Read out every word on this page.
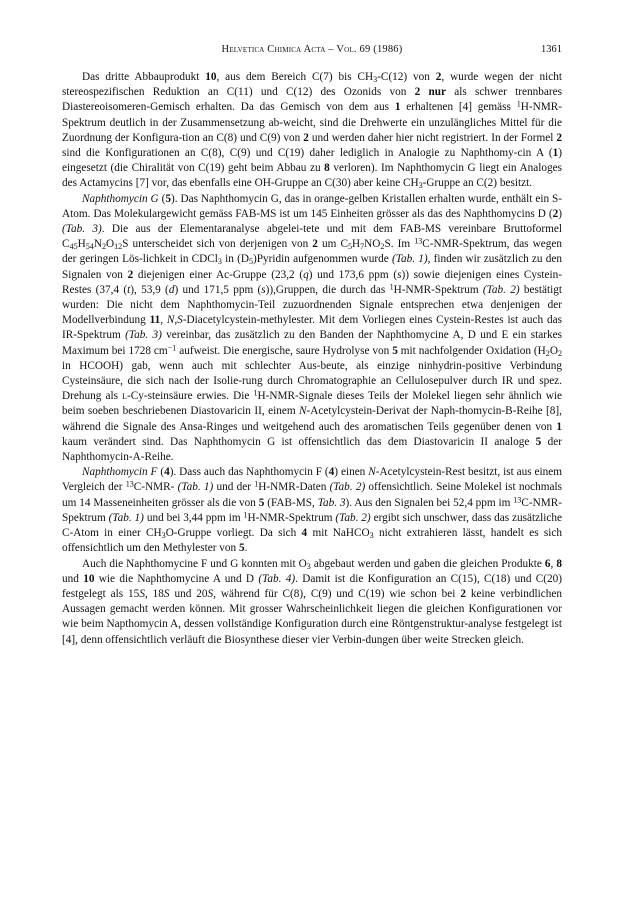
Helvetica Chimica Acta – Vol. 69 (1986)	1361

Das dritte Abbauprodukt 10, aus dem Bereich C(7) bis $CH_3-C(12)$ von 2, wurde wegen der nicht stereospezifischen Reduktion an C(11) und C(12) des Ozonids von 2 nur als schwer trennbares Diastereoisomeren-Gemisch erhalten. Da das Gemisch von dem aus 1 erhaltenen [4] gemäss $^1$H-NMR-Spektrum deutlich in der Zusammensetzung ab-weicht, sind die Drehwerte ein unzulängliches Mittel für die Zuordnung der Konfigura-tion an C(8) und C(9) von 2 und werden daher hier nicht registriert. In der Formel 2 sind die Konfigurationen an C(8), C(9) und C(19) daher lediglich in Analogie zu Naphthomy-cin A (1) eingesetzt (die Chiralität von C(19) geht beim Abbau zu 8 verloren). Im Naphthomycin G liegt ein Analoges des Actamycins [7] vor, das ebenfalls eine OH-Gruppe an C(30) aber keine $CH_3$-Gruppe an C(2) besitzt.

Naphthomycin G (5). Das Naphthomycin G, das in orange-gelben Kristallen erhalten wurde, enthält ein S-Atom. Das Molekulargewicht gemäss FAB-MS ist um 145 Einheiten grösser als das des Naphthomycins D (2) (Tab. 3). Die aus der Elementaranalyse abgelei-tete und mit dem FAB-MS vereinbare Bruttoformel $C_{45}H_{54}N_2O_{12}S$ unterscheidet sich von derjenigen von 2 um $C_5H_7NO_2S$. Im $^{13}$C-NMR-Spektrum, das wegen der geringen Lös-lichkeit in CDCl$_3$ in $(D_5)Pyridin$ aufgenommen wurde (Tab. 1), finden wir zusätzlich zu den Signalen von 2 diejenigen einer Ac-Gruppe (23,2 (q) und 173,6 ppm (s)) sowie diejenigen eines Cystein-Restes (37,4 (t), 53,9 (d) und 171,5 ppm (s)),Gruppen, die durch das $^1$H-NMR-Spektrum (Tab. 2) bestätigt wurden: Die nicht dem Naphthomycin-Teil zuzuordnenden Signale entsprechen etwa denjenigen der Modellverbindung 11, N,S-Diacetylcystein-methylester. Mit dem Vorliegen eines Cystein-Restes ist auch das IR-Spektrum (Tab. 3) vereinbar, das zusätzlich zu den Banden der Naphthomycine A, D und E ein starkes Maximum bei 1728 $cm^{-1}$ aufweist. Die energische, saure Hydrolyse von 5 mit nachfolgender Oxidation ($H_2O_2$ in HCOOH) gab, wenn auch mit schlechter Aus-beute, als einzige ninhydrin-positive Verbindung Cysteinsäure, die sich nach der Isolie-rung durch Chromatographie an Cellulosepulver durch IR und spez. Drehung als l-Cy-steinsäure erwies. Die $^1$H-NMR-Signale dieses Teils der Molekel liegen sehr ähnlich wie beim soeben beschriebenen Diastovaricin II, einem N-Acetylcystein-Derivat der Naph-thomycin-B-Reihe [8], während die Signale des Ansa-Ringes und weitgehend auch des aromatischen Teils gegenüber denen von 1 kaum verändert sind. Das Naphthomycin G ist offensichtlich das dem Diastovaricin II analoge 5 der Naphthomycin-A-Reihe.

Naphthomycin F (4). Dass auch das Naphthomycin F (4) einen N-Acetylcystein-Rest besitzt, ist aus einem Vergleich der $^{13}$C-NMR- (Tab. 1) und der $^1$H-NMR-Daten (Tab. 2) offensichtlich. Seine Molekel ist nochmals um 14 Masseneinheiten grösser als die von 5 (FAB-MS, Tab. 3). Aus den Signalen bei 52,4 ppm im $^{13}$C-NMR-Spektrum (Tab. 1) und bei 3,44 ppm im $^1$H-NMR-Spektrum (Tab. 2) ergibt sich unschwer, dass das zusätzliche C-Atom in einer $CH_3O$-Gruppe vorliegt. Da sich 4 mit NaHCO$_3$ nicht extrahieren lässt, handelt es sich offensichtlich um den Methylester von 5.

Auch die Naphthomycine F und G konnten mit $O_3$ abgebaut werden und gaben die gleichen Produkte 6, 8 und 10 wie die Naphthomycine A und D (Tab. 4). Damit ist die Konfiguration an C(15), C(18) und C(20) festgelegt als 15S, 18S und 20S, während für C(8), C(9) und C(19) wie schon bei 2 keine verbindlichen Aussagen gemacht werden können. Mit grosser Wahrscheinlichkeit liegen die gleichen Konfigurationen vor wie beim Napthomycin A, dessen vollständige Konfiguration durch eine Röntgenstruktur-analyse festgelegt ist [4], denn offensichtlich verläuft die Biosynthese dieser vier Verbin-dungen über weite Strecken gleich.
